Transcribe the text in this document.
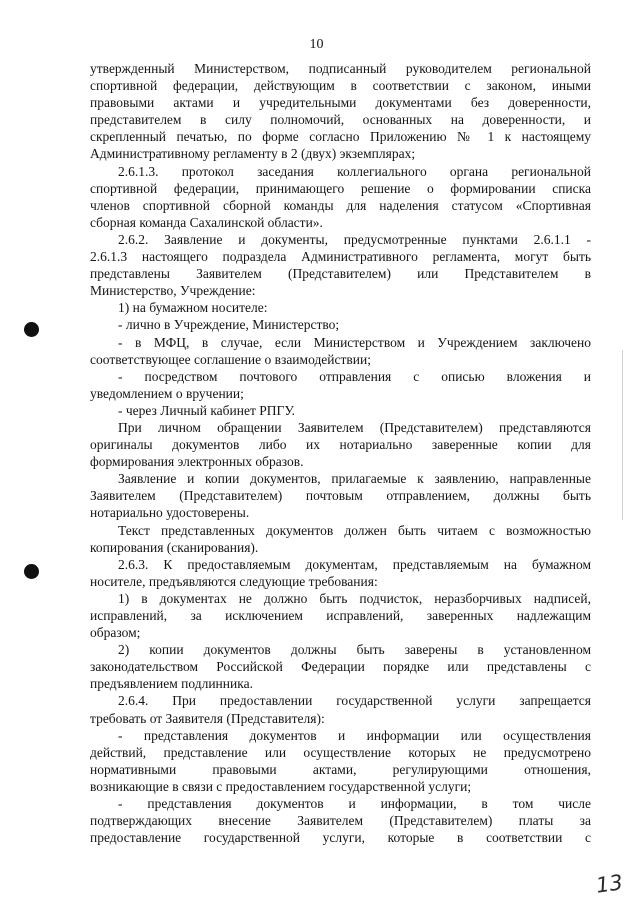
10

утвержденный Министерством, подписанный руководителем региональной

спортивной федерации, действующим в соответствии с законом, иными

правовыми актами и учредительными документами без доверенности,

представителем в силу полномочий, основанных на доверенности, и

скрепленный печатью, по форме согласно Приложению № 1 к настоящему

Административному регламенту в 2 (двух) экземплярах;

2.6.1.3. протокол заседания коллегиального органа региональной

спортивной федерации, принимающего решение о формировании списка

членов спортивной сборной команды для наделения статусом «Спортивная

сборная команда Сахалинской области».

2.6.2. Заявление и документы, предусмотренные пунктами 2.6.1.1 -

2.6.1.3 настоящего подраздела Административного регламента, могут быть

представлены Заявителем (Представителем) или Представителем в

Министерство, Учреждение:

1) на бумажном носителе:

- лично в Учреждение, Министерство;

- в МФЦ, в случае, если Министерством и Учреждением заключено

соответствующее соглашение о взаимодействии;

- посредством почтового отправления с описью вложения и

уведомлением о вручении;

- через Личный кабинет РПГУ.

При личном обращении Заявителем (Представителем) представляются

оригиналы документов либо их нотариально заверенные копии для

формирования электронных образов.

Заявление и копии документов, прилагаемые к заявлению, направленные

Заявителем (Представителем) почтовым отправлением, должны быть

нотариально удостоверены.

Текст представленных документов должен быть читаем с возможностью

копирования (сканирования).

2.6.3. К предоставляемым документам, представляемым на бумажном

носителе, предъявляются следующие требования:

1) в документах не должно быть подчисток, неразборчивых надписей,

исправлений, за исключением исправлений, заверенных надлежащим

образом;

2) копии документов должны быть заверены в установленном

законодательством Российской Федерации порядке или представлены с

предъявлением подлинника.

2.6.4. При предоставлении государственной услуги запрещается

требовать от Заявителя (Представителя):

- представления документов и информации или осуществления

действий, представление или осуществление которых не предусмотрено

нормативными правовыми актами, регулирующими отношения,

возникающие в связи с предоставлением государственной услуги;

- представления документов и информации, в том числе

подтверждающих внесение Заявителем (Представителем) платы за

предоставление государственной услуги, которые в соответствии с

13
